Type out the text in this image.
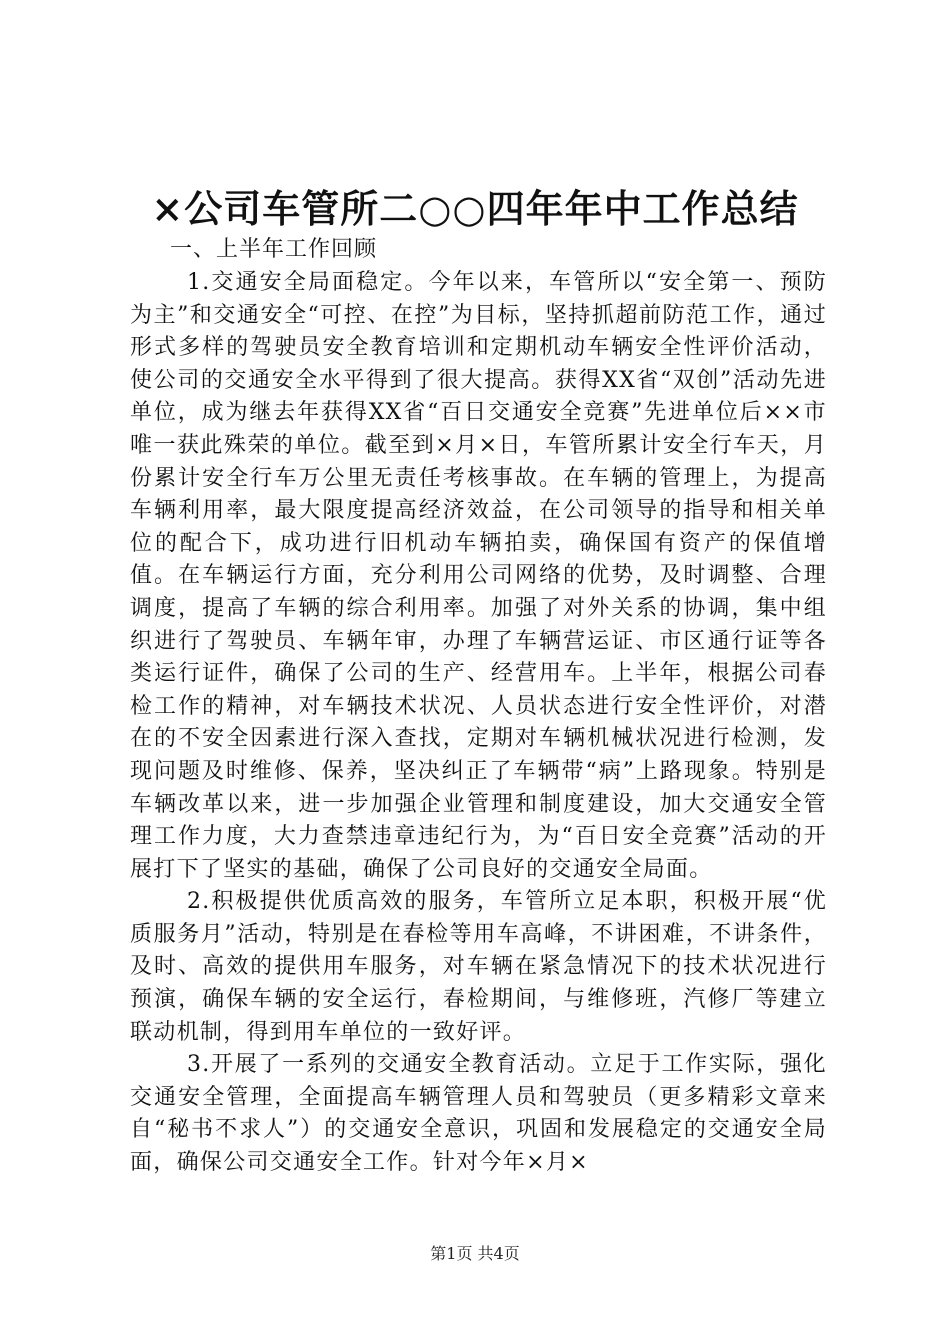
×公司车管所二○○四年年中工作总结

一、上半年工作回顾

1.交通安全局面稳定。今年以来，车管所以“安全第一、预防为主”和交通安全“可控、在控”为目标，坚持抓超前防范工作，通过形式多样的驾驶员安全教育培训和定期机动车辆安全性评价活动，使公司的交通安全水平得到了很大提高。获得XX省“双创”活动先进单位，成为继去年获得XX省“百日交通安全竞赛”先进单位后××市唯一获此殊荣的单位。截至到×月×日，车管所累计安全行车天，月份累计安全行车万公里无责任考核事故。在车辆的管理上，为提高车辆利用率，最大限度提高经济效益，在公司领导的指导和相关单位的配合下，成功进行旧机动车辆拍卖，确保国有资产的保值增值。在车辆运行方面，充分利用公司网络的优势，及时调整、合理调度，提高了车辆的综合利用率。加强了对外关系的协调，集中组织进行了驾驶员、车辆年审，办理了车辆营运证、市区通行证等各类运行证件，确保了公司的生产、经营用车。上半年，根据公司春检工作的精神，对车辆技术状况、人员状态进行安全性评价，对潜在的不安全因素进行深入查找，定期对车辆机械状况进行检测，发现问题及时维修、保养，坚决纠正了车辆带“病”上路现象。特别是车辆改革以来，进一步加强企业管理和制度建设，加大交通安全管理工作力度，大力查禁违章违纪行为，为“百日安全竞赛”活动的开展打下了坚实的基础，确保了公司良好的交通安全局面。

2.积极提供优质高效的服务，车管所立足本职，积极开展“优质服务月”活动，特别是在春检等用车高峰，不讲困难，不讲条件，及时、高效的提供用车服务，对车辆在紧急情况下的技术状况进行预演，确保车辆的安全运行，春检期间，与维修班，汽修厂等建立联动机制，得到用车单位的一致好评。

3.开展了一系列的交通安全教育活动。立足于工作实际，强化交通安全管理，全面提高车辆管理人员和驾驶员（更多精彩文章来自“秘书不求人”）的交通安全意识，巩固和发展稳定的交通安全局面，确保公司交通安全工作。针对今年×月×

第1页 共4页
